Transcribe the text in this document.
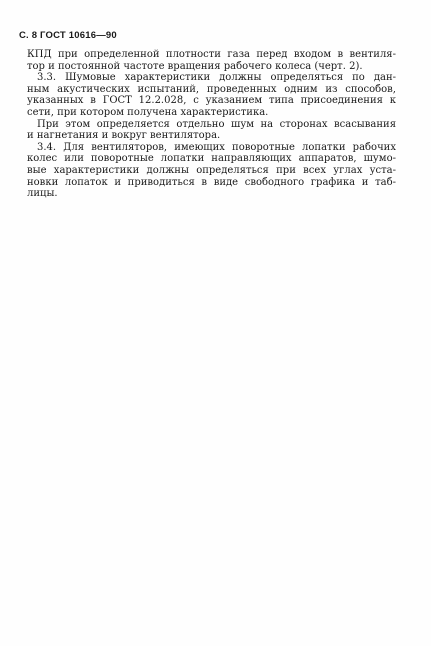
С. 8 ГОСТ 10616—90
КПД при определенной плотности газа перед входом в вентиля-
тор и постоянной частоте вращения рабочего колеса (черт. 2).
3.3. Шумовые характеристики должны определяться по дан-
ным акустических испытаний, проведенных одним из способов,
указанных в ГОСТ 12.2.028, с указанием типа присоединения к
сети, при котором получена характеристика.
При этом определяется отдельно шум на сторонах всасывания
и нагнетания и вокруг вентилятора.
3.4. Для вентиляторов, имеющих поворотные лопатки рабочих
колес или поворотные лопатки направляющих аппаратов, шумо-
вые характеристики должны определяться при всех углах уста-
новки лопаток и приводиться в виде свободного графика и таб-
лицы.
